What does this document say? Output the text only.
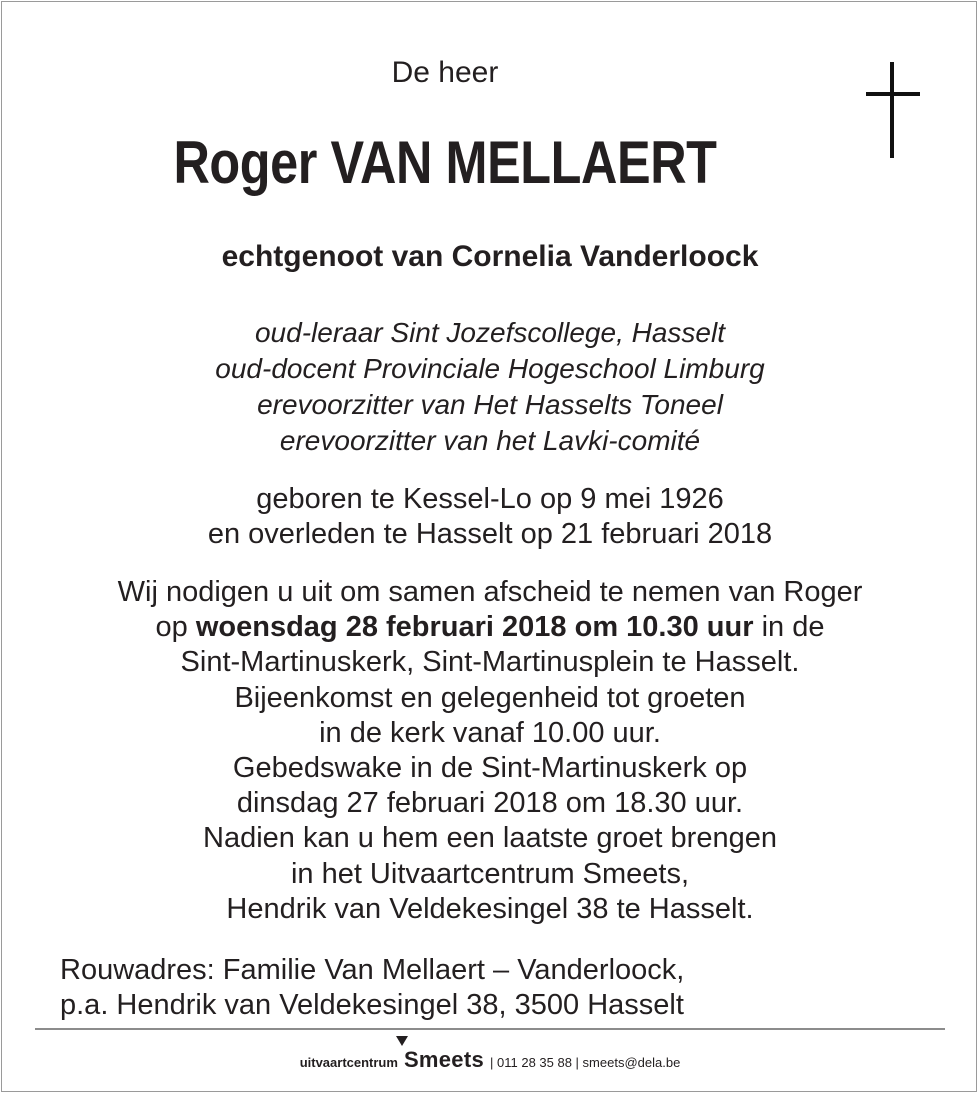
De heer
Roger VAN MELLAERT
echtgenoot van Cornelia Vanderloock
oud-leraar Sint Jozefscollege, Hasselt
oud-docent Provinciale Hogeschool Limburg
erevoorzitter van Het Hasselts Toneel
erevoorzitter van het Lavki-comité
geboren te Kessel-Lo op 9 mei 1926
en overleden te Hasselt op 21 februari 2018
Wij nodigen u uit om samen afscheid te nemen van Roger
op woensdag 28 februari 2018 om 10.30 uur in de
Sint-Martinuskerk, Sint-Martinusplein te Hasselt.
Bijeenkomst en gelegenheid tot groeten
in de kerk vanaf 10.00 uur.
Gebedswake in de Sint-Martinuskerk op
dinsdag 27 februari 2018 om 18.30 uur.
Nadien kan u hem een laatste groet brengen
in het Uitvaartcentrum Smeets,
Hendrik van Veldekesingel 38 te Hasselt.
Rouwadres: Familie Van Mellaert – Vanderloock,
p.a. Hendrik van Veldekesingel 38, 3500 Hasselt
uitvaartcentrum Smeets | 011 28 35 88 | smeets@dela.be
